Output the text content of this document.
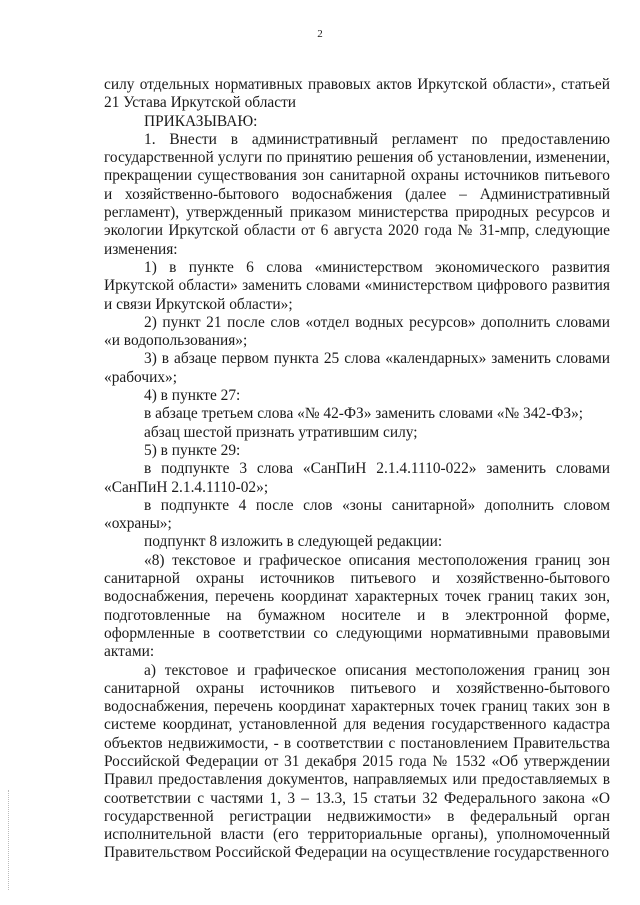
2

силу отдельных нормативных правовых актов Иркутской области», статьей 21 Устава Иркутской области

ПРИКАЗЫВАЮ:

1. Внести в административный регламент по предоставлению государственной услуги по принятию решения об установлении, изменении, прекращении существования зон санитарной охраны источников питьевого и хозяйственно-бытового водоснабжения (далее – Административный регламент), утвержденный приказом министерства природных ресурсов и экологии Иркутской области от 6 августа 2020 года № 31-мпр, следующие изменения:

1) в пункте 6 слова «министерством экономического развития Иркутской области» заменить словами «министерством цифрового развития и связи Иркутской области»;

2) пункт 21 после слов «отдел водных ресурсов» дополнить словами «и водопользования»;

3) в абзаце первом пункта 25 слова «календарных» заменить словами «рабочих»;

4) в пункте 27:

в абзаце третьем слова «№ 42-ФЗ» заменить словами «№ 342-ФЗ»;

абзац шестой признать утратившим силу;

5) в пункте 29:

в подпункте 3 слова «СанПиН 2.1.4.1110-022» заменить словами «СанПиН 2.1.4.1110-02»;

в подпункте 4 после слов «зоны санитарной» дополнить словом «охраны»;

подпункт 8 изложить в следующей редакции:

«8) текстовое и графическое описания местоположения границ зон санитарной охраны источников питьевого и хозяйственно-бытового водоснабжения, перечень координат характерных точек границ таких зон, подготовленные на бумажном носителе и в электронной форме, оформленные в соответствии со следующими нормативными правовыми актами:

а) текстовое и графическое описания местоположения границ зон санитарной охраны источников питьевого и хозяйственно-бытового водоснабжения, перечень координат характерных точек границ таких зон в системе координат, установленной для ведения государственного кадастра объектов недвижимости, - в соответствии с постановлением Правительства Российской Федерации от 31 декабря 2015 года № 1532 «Об утверждении Правил предоставления документов, направляемых или предоставляемых в соответствии с частями 1, 3 – 13.3, 15 статьи 32 Федерального закона «О государственной регистрации недвижимости» в федеральный орган исполнительной власти (его территориальные органы), уполномоченный Правительством Российской Федерации на осуществление государственного
